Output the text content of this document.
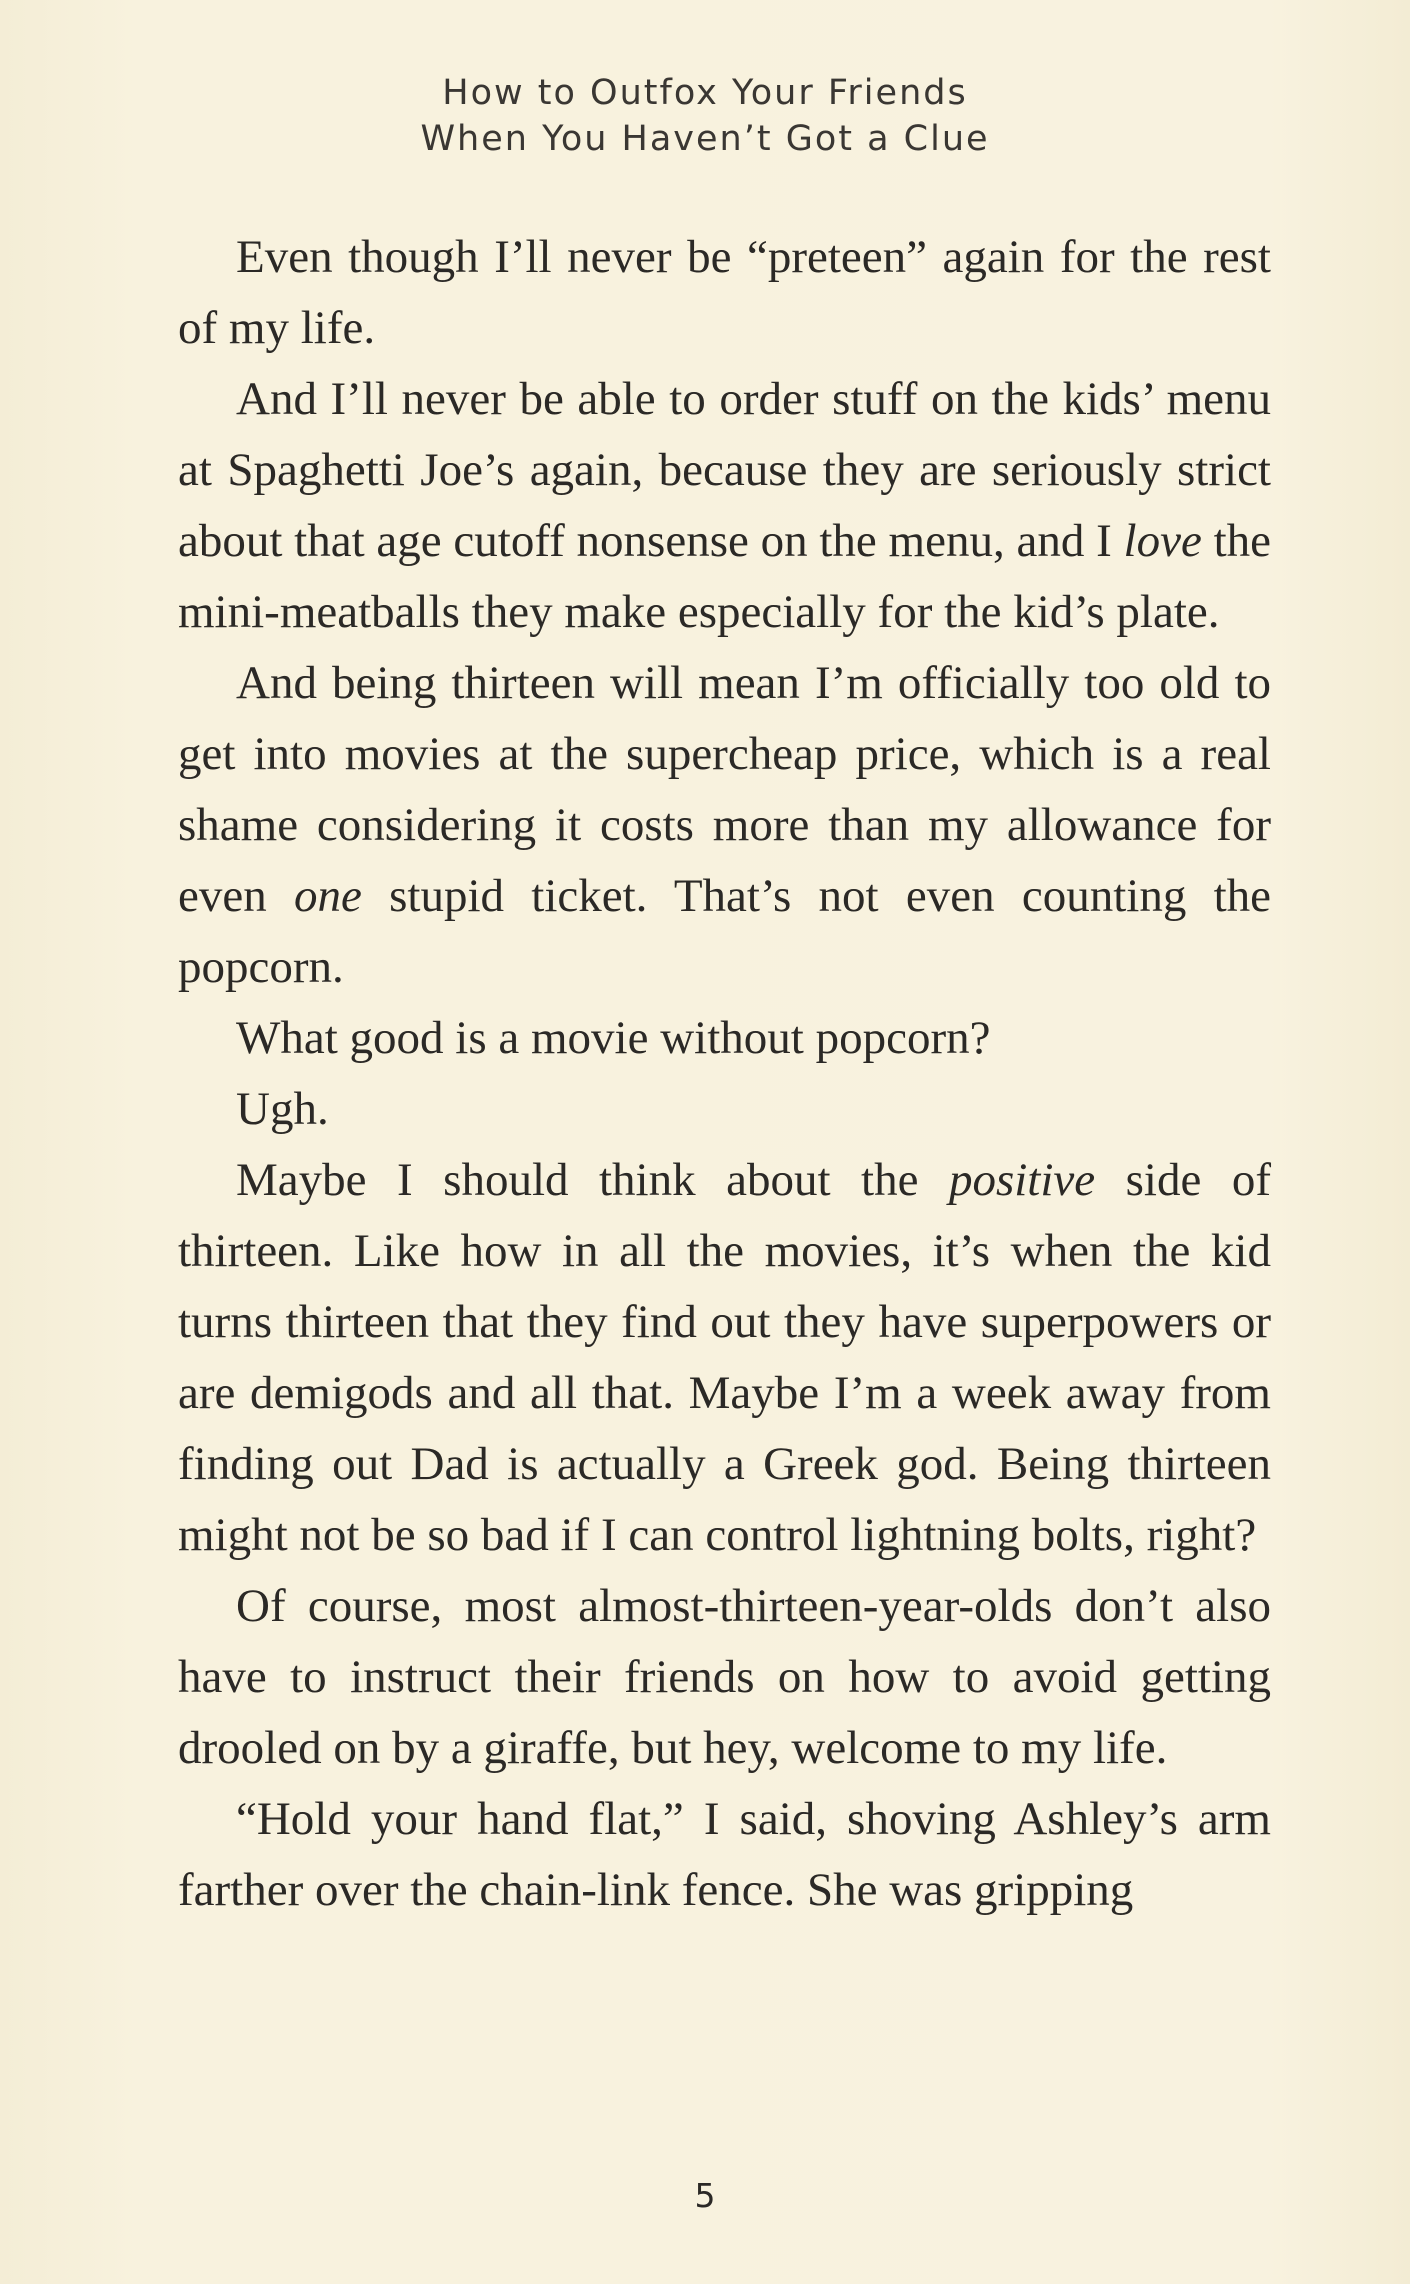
How to Outfox Your Friends
When You Haven’t Got a Clue

Even though I’ll never be “preteen” again for the rest of my life.

And I’ll never be able to order stuff on the kids’ menu at Spaghetti Joe’s again, because they are seriously strict about that age cutoff nonsense on the menu, and I love the mini-meatballs they make especially for the kid’s plate.

And being thirteen will mean I’m officially too old to get into movies at the supercheap price, which is a real shame considering it costs more than my allowance for even one stupid ticket. That’s not even counting the popcorn.

What good is a movie without popcorn?

Ugh.

Maybe I should think about the positive side of thirteen. Like how in all the movies, it’s when the kid turns thirteen that they find out they have superpowers or are demigods and all that. Maybe I’m a week away from finding out Dad is actually a Greek god. Being thirteen might not be so bad if I can control lightning bolts, right?

Of course, most almost-thirteen-year-olds don’t also have to instruct their friends on how to avoid getting drooled on by a giraffe, but hey, welcome to my life.

“Hold your hand flat,” I said, shoving Ashley’s arm farther over the chain-link fence. She was gripping

5
